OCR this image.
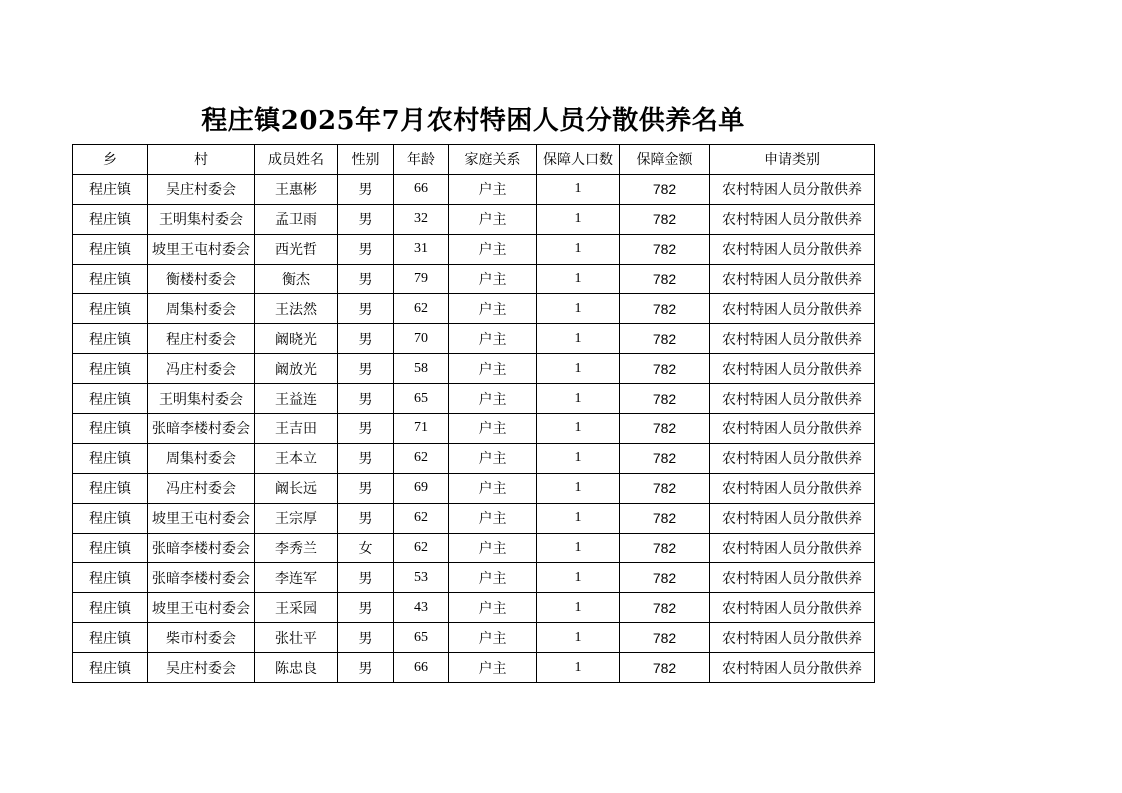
程庄镇2025年7月农村特困人员分散供养名单
乡	村	成员姓名	性别	年龄	家庭关系	保障人口数	保障金额	申请类别
程庄镇	吴庄村委会	王惠彬	男	66	户主	1	782	农村特困人员分散供养
程庄镇	王明集村委会	孟卫雨	男	32	户主	1	782	农村特困人员分散供养
程庄镇	坡里王屯村委会	西光哲	男	31	户主	1	782	农村特困人员分散供养
程庄镇	衡楼村委会	衡杰	男	79	户主	1	782	农村特困人员分散供养
程庄镇	周集村委会	王法然	男	62	户主	1	782	农村特困人员分散供养
程庄镇	程庄村委会	阚晓光	男	70	户主	1	782	农村特困人员分散供养
程庄镇	冯庄村委会	阚放光	男	58	户主	1	782	农村特困人员分散供养
程庄镇	王明集村委会	王益连	男	65	户主	1	782	农村特困人员分散供养
程庄镇	张暗李楼村委会	王吉田	男	71	户主	1	782	农村特困人员分散供养
程庄镇	周集村委会	王本立	男	62	户主	1	782	农村特困人员分散供养
程庄镇	冯庄村委会	阚长远	男	69	户主	1	782	农村特困人员分散供养
程庄镇	坡里王屯村委会	王宗厚	男	62	户主	1	782	农村特困人员分散供养
程庄镇	张暗李楼村委会	李秀兰	女	62	户主	1	782	农村特困人员分散供养
程庄镇	张暗李楼村委会	李连军	男	53	户主	1	782	农村特困人员分散供养
程庄镇	坡里王屯村委会	王采园	男	43	户主	1	782	农村特困人员分散供养
程庄镇	柴市村委会	张壮平	男	65	户主	1	782	农村特困人员分散供养
程庄镇	吴庄村委会	陈忠良	男	66	户主	1	782	农村特困人员分散供养
